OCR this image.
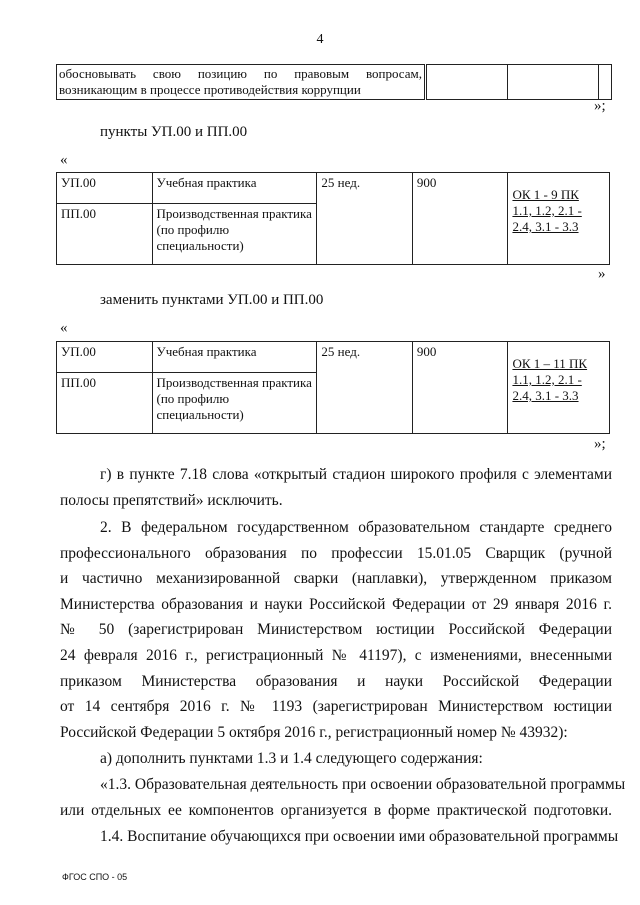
4
обосновывать свою позицию по правовым вопросам,
возникающим в процессе противодействия коррупции

»;
пункты УП.00 и ПП.00
«
УП.00	Учебная практика	25 нед.	900	ОК 1 - 9 ПК
1.1, 1.2, 2.1 -
2.4, 3.1 - 3.3

ПП.00	Производственная практика (по профилю специальности)			
»
заменить пунктами УП.00 и ПП.00
«
УП.00	Учебная практика	25 нед.	900	ОК 1 – 11 ПК
1.1, 1.2, 2.1 -
2.4, 3.1 - 3.3

ПП.00	Производственная практика (по профилю специальности)			
»;
г) в пункте 7.18 слова «открытый стадион широкого профиля с элементами
полосы препятствий» исключить.
2. В федеральном государственном образовательном стандарте среднего
профессионального образования по профессии 15.01.05 Сварщик (ручной
и частично механизированной сварки (наплавки), утвержденном приказом
Министерства образования и науки Российской Федерации от 29 января 2016 г.
№ 50 (зарегистрирован Министерством юстиции Российской Федерации
24 февраля 2016 г., регистрационный № 41197), с изменениями, внесенными
приказом Министерства образования и науки Российской Федерации
от 14 сентября 2016 г. № 1193 (зарегистрирован Министерством юстиции
Российской Федерации 5 октября 2016 г., регистрационный номер № 43932):
а) дополнить пунктами 1.3 и 1.4 следующего содержания:
«1.3. Образовательная деятельность при освоении образовательной программы
или отдельных ее компонентов организуется в форме практической подготовки.
1.4. Воспитание обучающихся при освоении ими образовательной программы
ФГОС СПО - 05
